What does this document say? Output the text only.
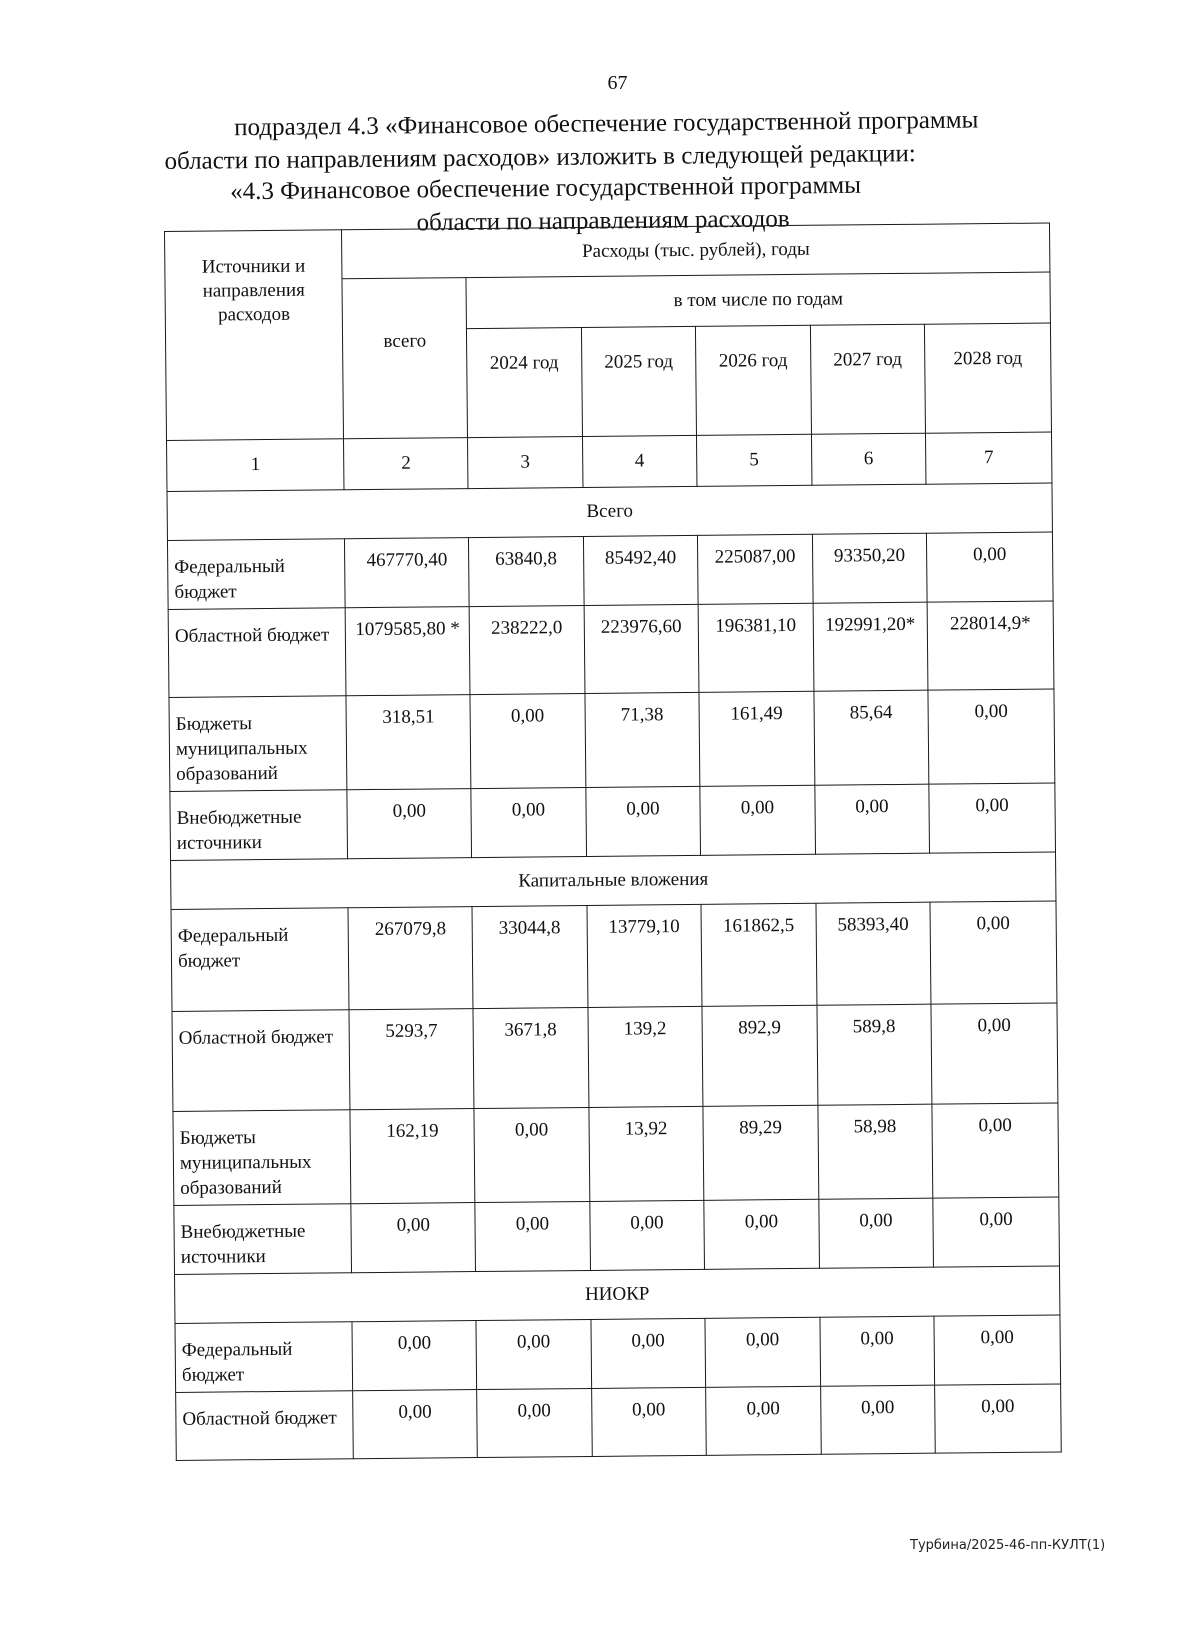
67
подраздел 4.3 «Финансовое обеспечение государственной программы
области по направлениям расходов» изложить в следующей редакции:
«4.3 Финансовое обеспечение государственной программы
области по направлениям расходов
Источники и направления расходов	Расходы (тыс. рублей), годы					
	всего	в том числе по годам				
		2024 год	2025 год	2026 год	2027 год	2028 год
1	2	3	4	5	6	7
Всего						
Федеральный бюджет	467770,40	63840,8	85492,40	225087,00	93350,20	0,00
Областной бюджет	1079585,80 *	238222,0	223976,60	196381,10	192991,20*	228014,9*
Бюджеты муниципальных образований	318,51	0,00	71,38	161,49	85,64	0,00
Внебюджетные источники	0,00	0,00	0,00	0,00	0,00	0,00
Капитальные вложения						
Федеральный бюджет	267079,8	33044,8	13779,10	161862,5	58393,40	0,00
Областной бюджет	5293,7	3671,8	139,2	892,9	589,8	0,00
Бюджеты муниципальных образований	162,19	0,00	13,92	89,29	58,98	0,00
Внебюджетные источники	0,00	0,00	0,00	0,00	0,00	0,00
НИОКР						
Федеральный бюджет	0,00	0,00	0,00	0,00	0,00	0,00
Областной бюджет	0,00	0,00	0,00	0,00	0,00	0,00
Турбина/2025-46-пп-КУЛТ(1)
